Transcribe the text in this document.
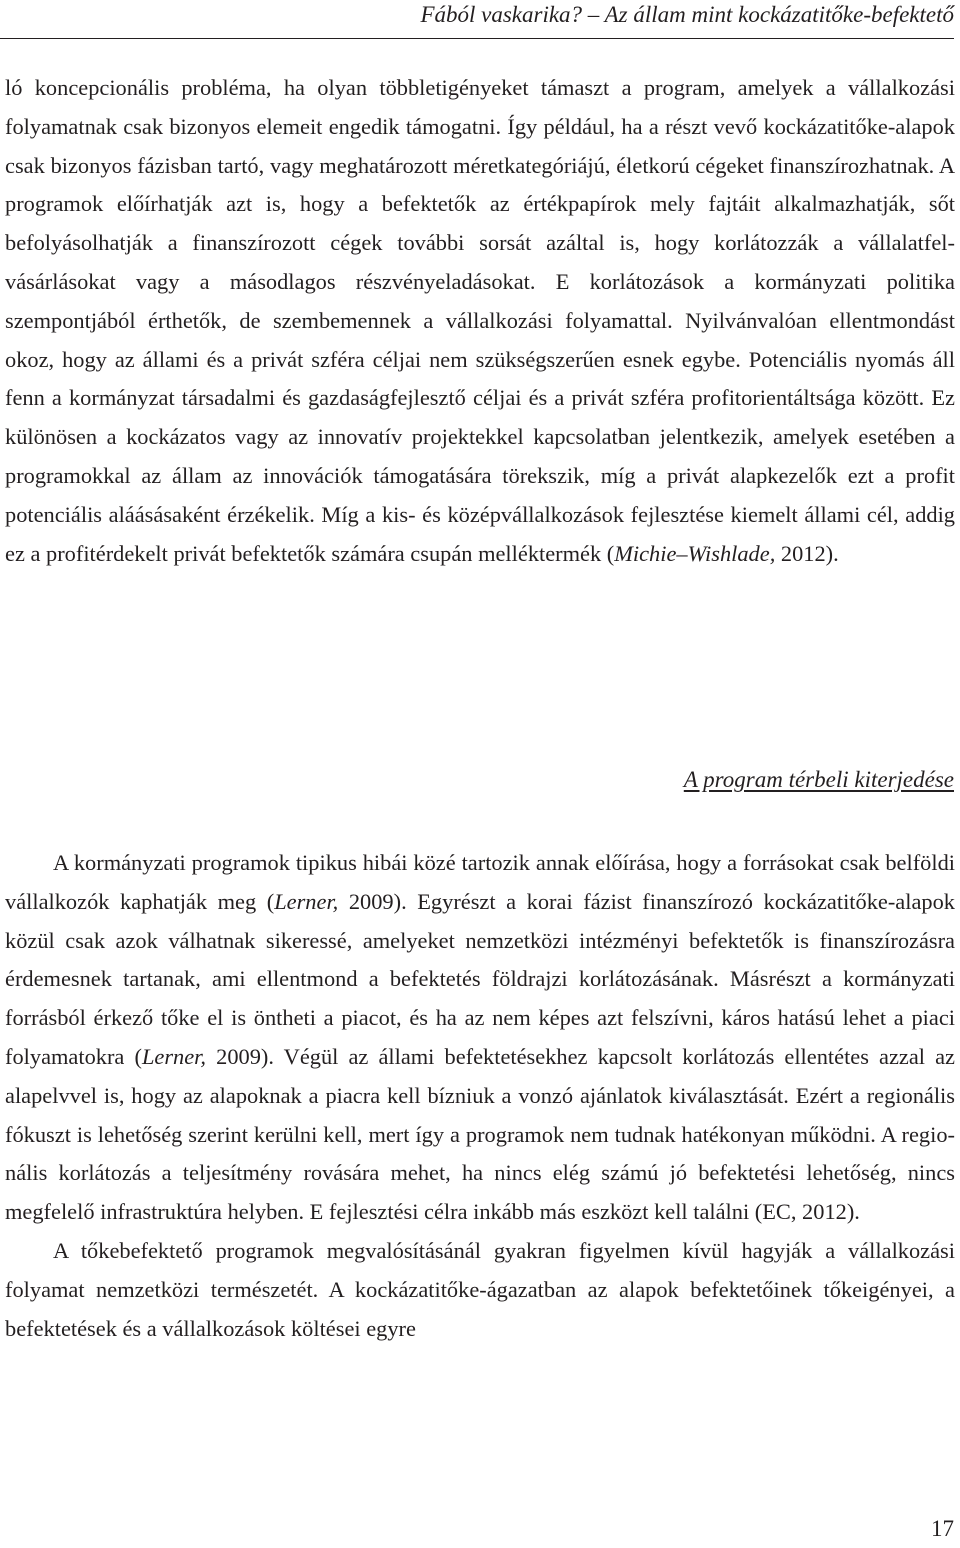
Fából vaskarika? – Az állam mint kockázatitőke-befektető

ló koncepcionális probléma, ha olyan többletigényeket támaszt a program, amelyek a vállalkozási folyamatnak csak bizonyos elemeit engedik támogatni. Így például, ha a részt vevő kockázatitőke-alapok csak bizonyos fázisban tartó, vagy meghatározott méretkategóriájú, életkorú cégeket finanszírozhatnak. A programok előírhatják azt is, hogy a befektetők az értékpapírok mely fajtáit alkalmazhatják, sőt befolyásolhatják a finanszírozott cégek további sorsát azáltal is, hogy korlátozzák a vállalatfelvásárlásokat vagy a másodlagos részvényeladásokat. E korlátozások a kormányzati politika szempontjából érthetők, de szembemennek a vállalkozási folyamattal. Nyilvánvalóan ellentmondást okoz, hogy az állami és a privát szféra céljai nem szükségszerűen esnek egybe. Potenciális nyomás áll fenn a kormányzat társadalmi és gazdaságfejlesztő céljai és a privát szféra profitorientáltsága között. Ez különösen a kockázatos vagy az innovatív projektekkel kapcsolatban jelentkezik, amelyek esetében a programokkal az állam az innovációk támogatására törekszik, míg a privát alapkezelők ezt a profit potenciális aláásásaként érzékelik. Míg a kis- és középvállalkozások fejlesztése kiemelt állami cél, addig ez a profitérdekelt privát befektetők számára csupán melléktermék (Michie–Wishlade, 2012).

A program térbeli kiterjedése

A kormányzati programok tipikus hibái közé tartozik annak előírása, hogy a forrásokat csak belföldi vállalkozók kaphatják meg (Lerner, 2009). Egyrészt a korai fázist finanszírozó kockázatitőke-alapok közül csak azok válhatnak sikeressé, amelyeket nemzetközi intézményi befektetők is finanszírozásra érdemesnek tartanak, ami ellentmond a befektetés földrajzi korlátozásának. Másrészt a kormányzati forrásból érkező tőke el is öntheti a piacot, és ha az nem képes azt felszívni, káros hatású lehet a piaci folyamatokra (Lerner, 2009). Végül az állami befektetésekhez kapcsolt korlátozás ellentétes azzal az alapelvvel is, hogy az alapoknak a piacra kell bízniuk a vonzó ajánlatok kiválasztását. Ezért a regionális fókuszt is lehetőség szerint kerülni kell, mert így a programok nem tudnak hatékonyan működni. A regionális korlátozás a teljesítmény rovására mehet, ha nincs elég számú jó befektetési lehetőség, nincs megfelelő infrastruktúra helyben. E fejlesztési célra inkább más eszközt kell találni (EC, 2012).

A tőkebefektető programok megvalósításánál gyakran figyelmen kívül hagyják a vállalkozási folyamat nemzetközi természetét. A kockázatitőke-ágazatban az alapok befektetőinek tőkeigényei, a befektetések és a vállalkozások költései egyre

17
